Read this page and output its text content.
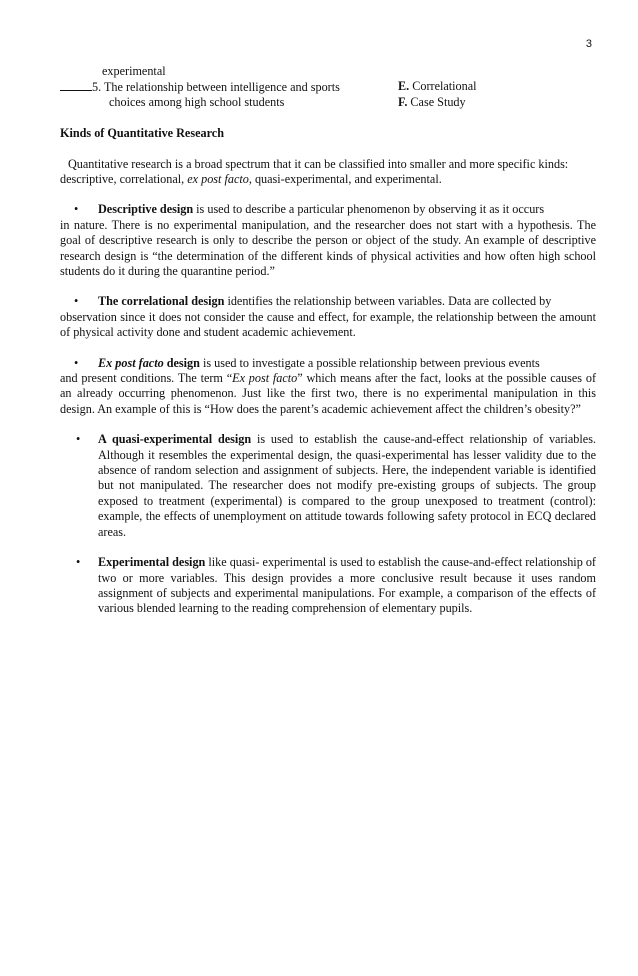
3
experimental
5. The relationship between intelligence and sports	E. Correlational
choices among high school students	F. Case Study
Kinds of Quantitative Research
Quantitative research is a broad spectrum that it can be classified into smaller and more specific kinds:
descriptive, correlational, ex post facto, quasi-experimental, and experimental.
• Descriptive design is used to describe a particular phenomenon by observing it as it occurs
in nature. There is no experimental manipulation, and the researcher does not start with a hypothesis. The goal of descriptive research is only to describe the person or object of the study. An example of descriptive research design is “the determination of the different kinds of physical activities and how often high school students do it during the quarantine period.”
• The correlational design identifies the relationship between variables. Data are collected by
observation since it does not consider the cause and effect, for example, the relationship between the amount of physical activity done and student academic achievement.
• Ex post facto design is used to investigate a possible relationship between previous events
and present conditions. The term “Ex post facto” which means after the fact, looks at the possible causes of an already occurring phenomenon. Just like the first two, there is no experimental manipulation in this design. An example of this is “How does the parent’s academic achievement affect the children’s obesity?”
•	A quasi-experimental design is used to establish the cause-and-effect relationship of variables. Although it resembles the experimental design, the quasi-experimental has lesser validity due to the absence of random selection and assignment of subjects. Here, the independent variable is identified but not manipulated. The researcher does not modify pre-existing groups of subjects. The group exposed to treatment (experimental) is compared to the group unexposed to treatment (control): example, the effects of unemployment on attitude towards following safety protocol in ECQ declared areas.
•	Experimental design like quasi- experimental is used to establish the cause-and-effect relationship of two or more variables. This design provides a more conclusive result because it uses random assignment of subjects and experimental manipulations. For example, a comparison of the effects of various blended learning to the reading comprehension of elementary pupils.
